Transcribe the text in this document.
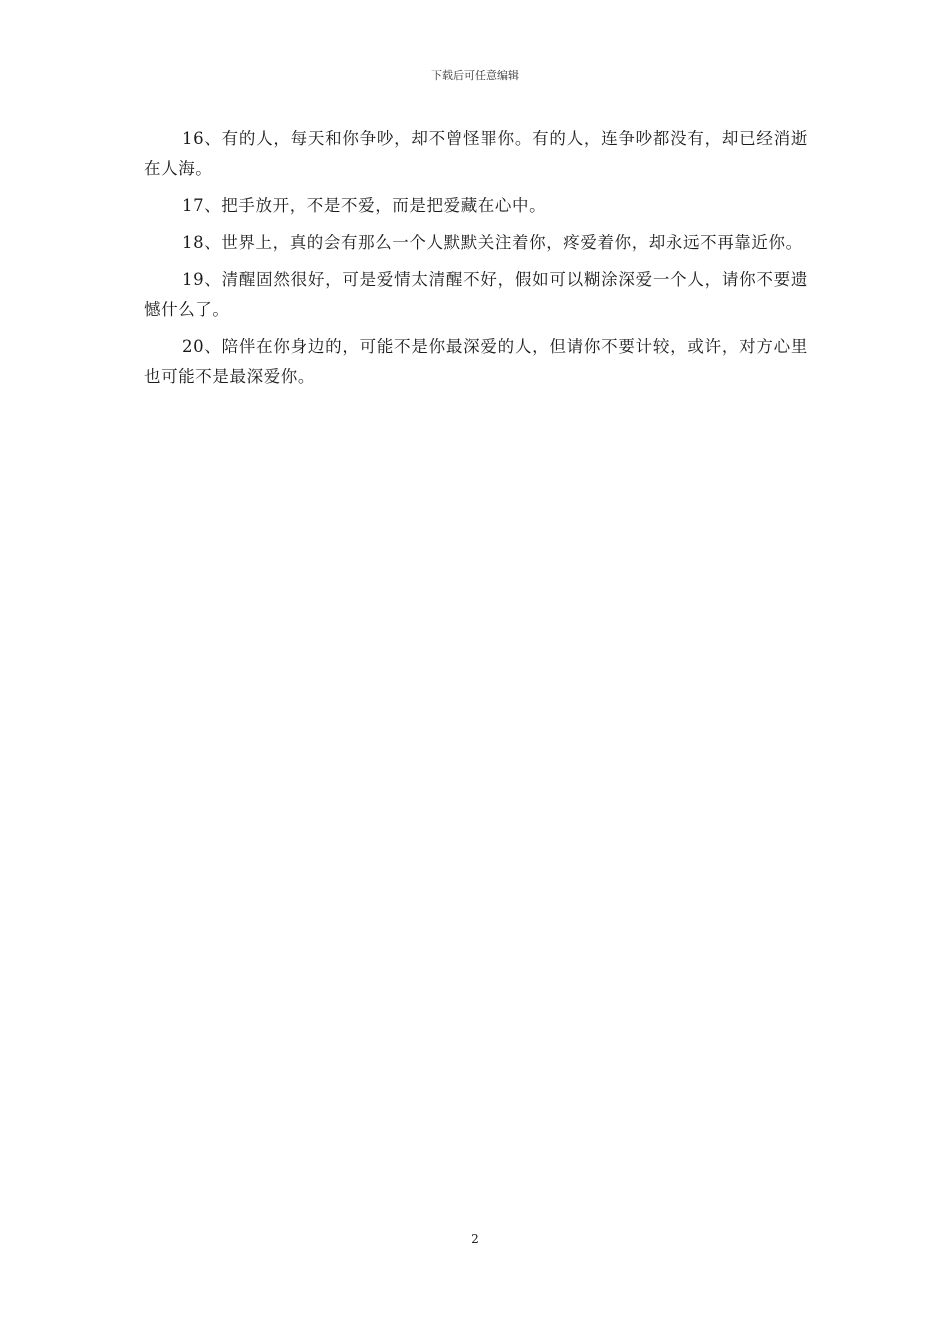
下载后可任意编辑

16、有的人，每天和你争吵，却不曾怪罪你。有的人，连争吵都没有，却已经消逝在人海。

17、把手放开，不是不爱，而是把爱藏在心中。

18、世界上，真的会有那么一个人默默关注着你，疼爱着你，却永远不再靠近你。

19、清醒固然很好，可是爱情太清醒不好，假如可以糊涂深爱一个人，请你不要遗憾什么了。

20、陪伴在你身边的，可能不是你最深爱的人，但请你不要计较，或许，对方心里也可能不是最深爱你。

2
